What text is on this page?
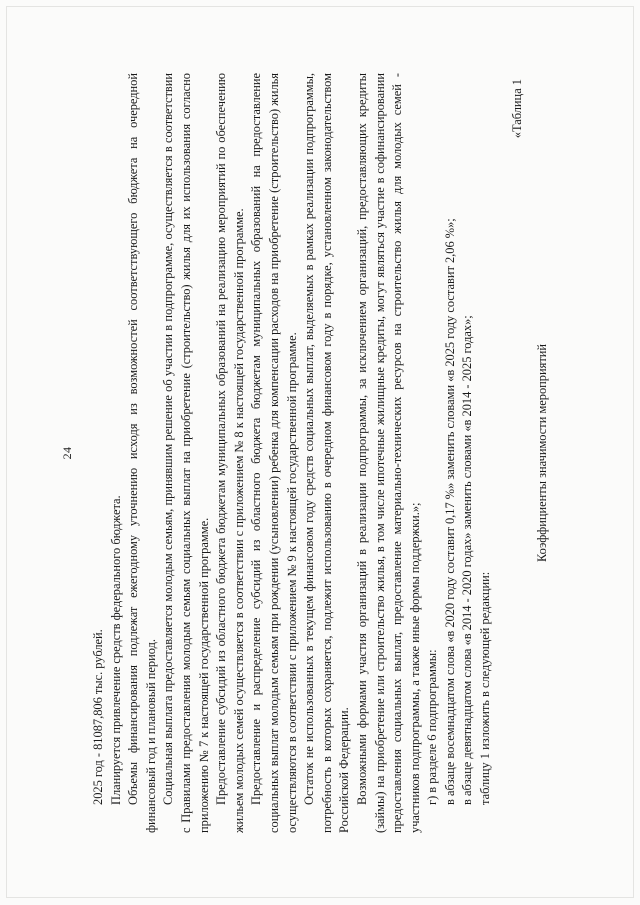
24

2025 год - 81087,806 тыс. рублей. Планируется привлечение средств федерального бюджета. Объемы финансирования подлежат ежегодному уточнению исходя из возможностей соответствующего бюджета на очередной финансовый год и плановый период. Социальная выплата предоставляется молодым семьям, принявшим решение об участии в подпрограмме, осуществляется в соответствии с Правилами предоставления молодым семьям социальных выплат на приобретение (строительство) жилья для их использования согласно приложению № 7 к настоящей государственной программе. Предоставление субсидий из областного бюджета бюджетам муниципальных образований на реализацию мероприятий по обеспечению жильем молодых семей осуществляется в соответствии с приложением № 8 к настоящей государственной программе. Предоставление и распределение субсидий из областного бюджета бюджетам муниципальных образований на предоставление социальных выплат молодым семьям при рождении (усыновлении) ребенка для компенсации расходов на приобретение (строительство) жилья осуществляются в соответствии с приложением № 9 к настоящей государственной программе. Остаток не использованных в текущем финансовом году средств социальных выплат, выделяемых в рамках реализации подпрограммы, потребность в которых сохраняется, подлежит использованию в очередном финансовом году в порядке, установленном законодательством Российской Федерации. Возможными формами участия организаций в реализации подпрограммы, за исключением организаций, предоставляющих кредиты (займы) на приобретение или строительство жилья, в том числе ипотечные жилищные кредиты, могут являться участие в софинансировании предоставления социальных выплат, предоставление материально-технических ресурсов на строительство жилья для молодых семей - участников подпрограммы, а также иные формы поддержки.»; г) в разделе 6 подпрограммы: в абзаце восемнадцатом слова «в 2020 году составит 0,17 %» заменить словами «в 2025 году составит 2,06 %»; в абзаце девятнадцатом слова «в 2014 - 2020 годах» заменить словами «в 2014 - 2025 годах»; таблицу 1 изложить в следующей редакции:

«Таблица 1

Коэффициенты значимости мероприятий
